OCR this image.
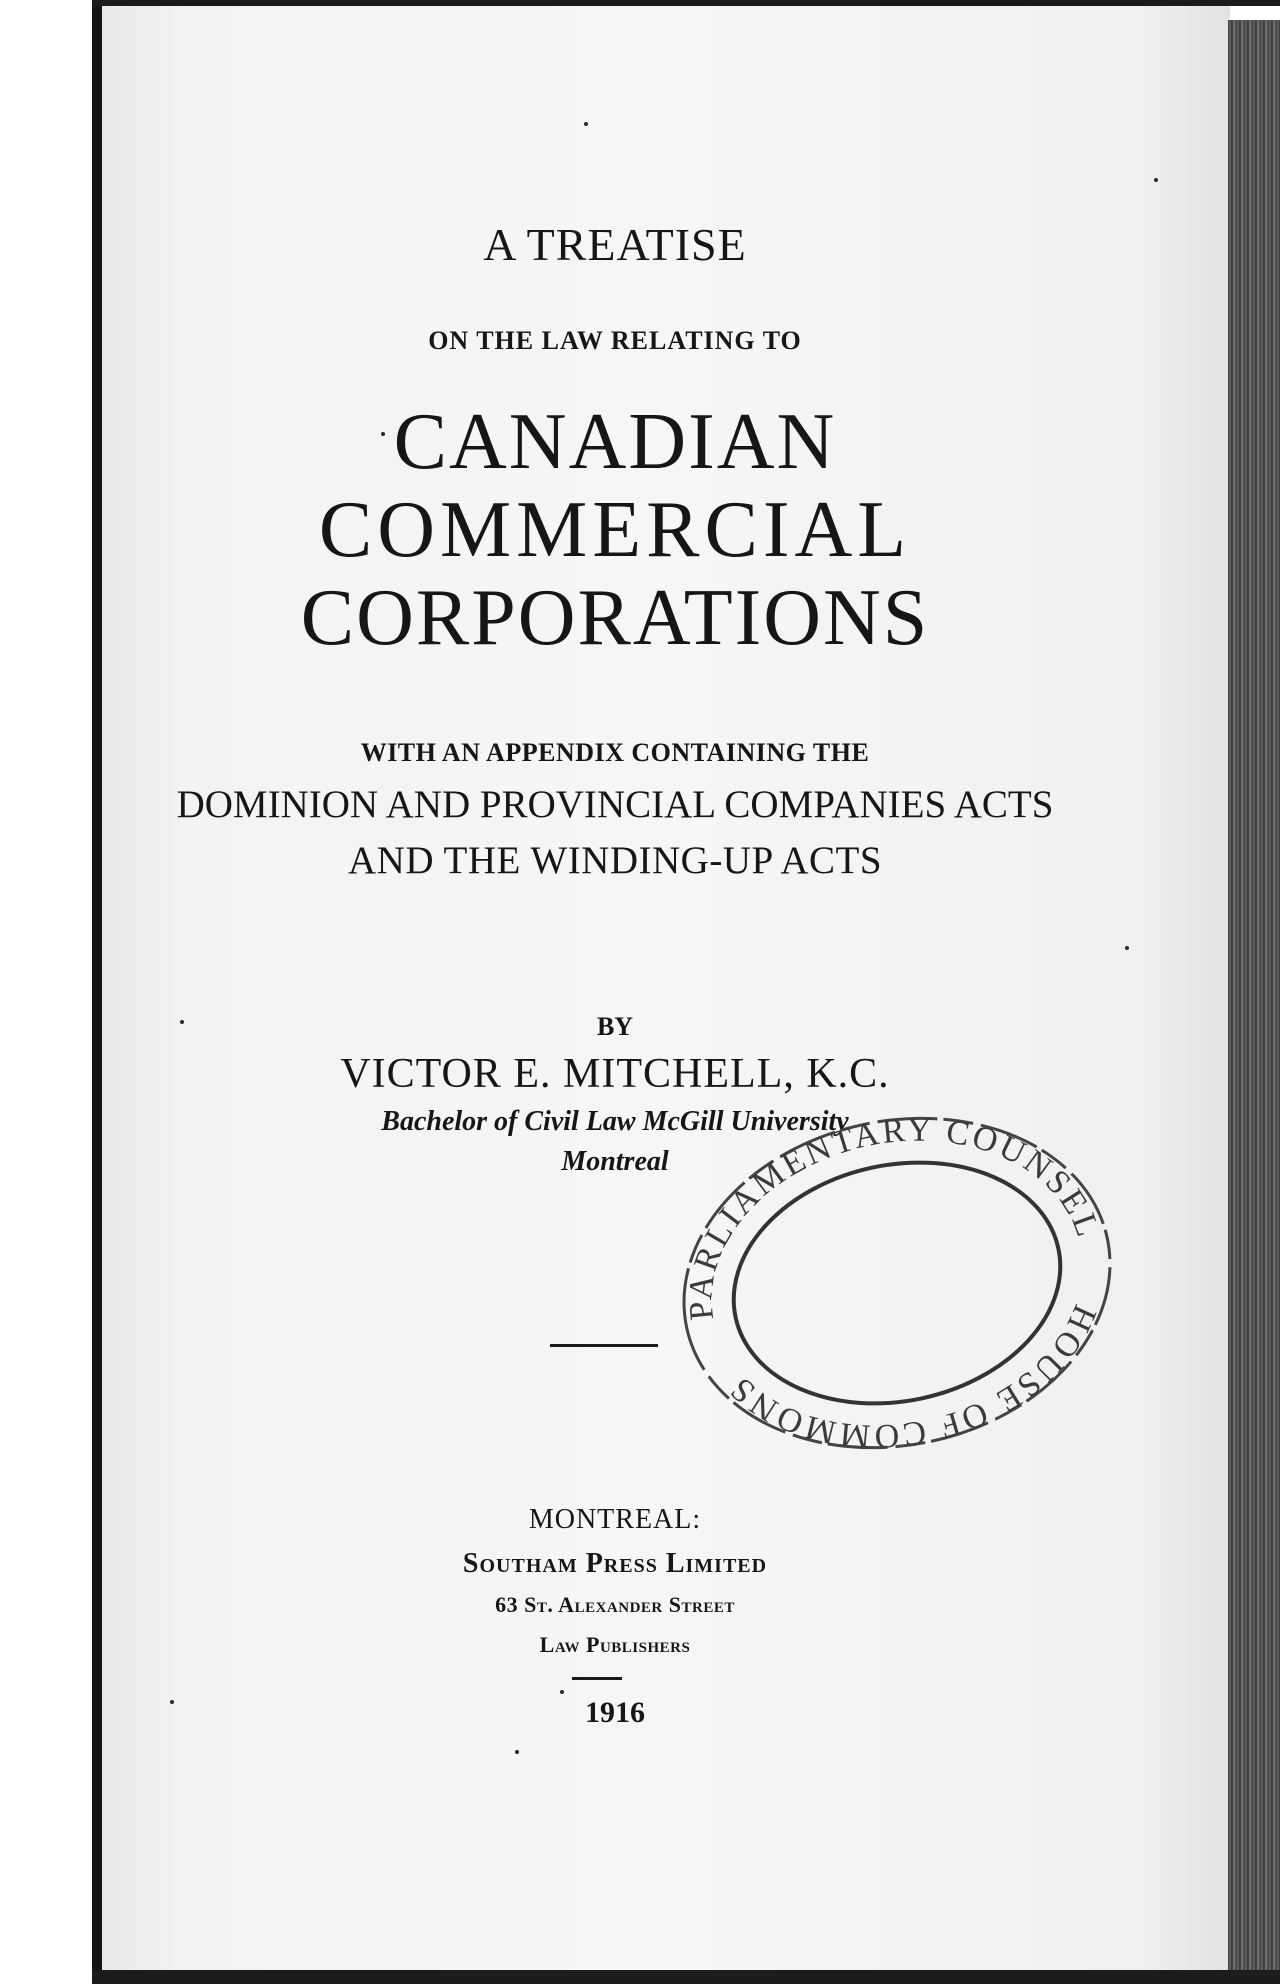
A TREATISE
ON THE LAW RELATING TO
CANADIAN
COMMERCIAL
CORPORATIONS
WITH AN APPENDIX CONTAINING THE
DOMINION AND PROVINCIAL COMPANIES ACTS
AND THE WINDING-UP ACTS
BY
VICTOR E. MITCHELL, K.C.
Bachelor of Civil Law McGill University
Montreal
HOUSE OF COMMONS
PARLIAMENTARY COUNSEL
MONTREAL:
Southam Press Limited
63 St. Alexander Street
Law Publishers
1916
